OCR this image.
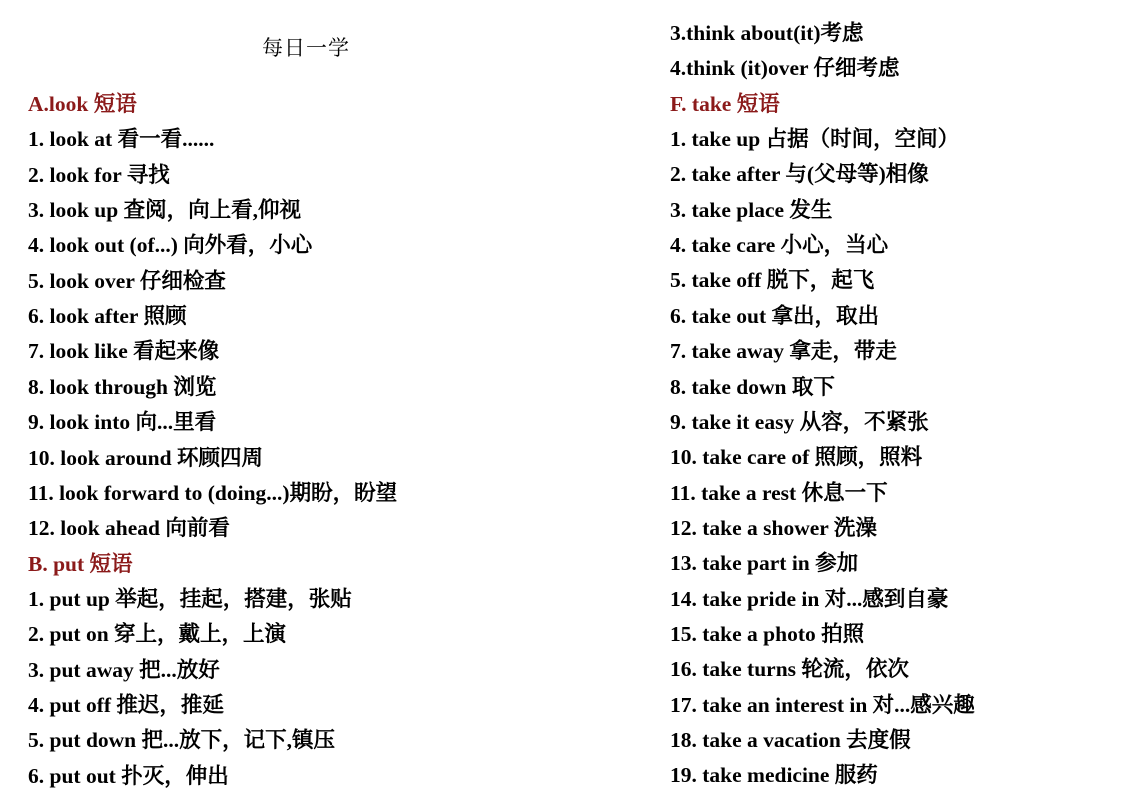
每日一学
A.look 短语
1. look at 看一看......
2. look for 寻找
3. look up 查阅，向上看,仰视
4. look out (of...) 向外看，小心
5. look over 仔细检查
6. look after 照顾
7. look like 看起来像
8. look through 浏览
9. look into 向...里看
10. look around 环顾四周
11. look forward to (doing...)期盼，盼望
12. look ahead 向前看
B. put 短语
1. put up 举起，挂起，搭建，张贴
2. put on 穿上，戴上，上演
3. put away 把...放好
4. put off 推迟，推延
5. put down 把...放下，记下,镇压
6. put out 扑灭，伸出
3.think about(it)考虑
4.think (it)over 仔细考虑
F. take 短语
1. take up 占据（时间，空间）
2. take after 与(父母等)相像
3. take place 发生
4. take care 小心，当心
5. take off 脱下，起飞
6. take out 拿出，取出
7. take away 拿走，带走
8. take down 取下
9. take it easy 从容，不紧张
10. take care of 照顾，照料
11. take a rest 休息一下
12. take a shower 洗澡
13. take part in 参加
14. take pride in 对...感到自豪
15. take a photo 拍照
16. take turns 轮流，依次
17. take an interest in 对...感兴趣
18. take a vacation 去度假
19. take medicine 服药
